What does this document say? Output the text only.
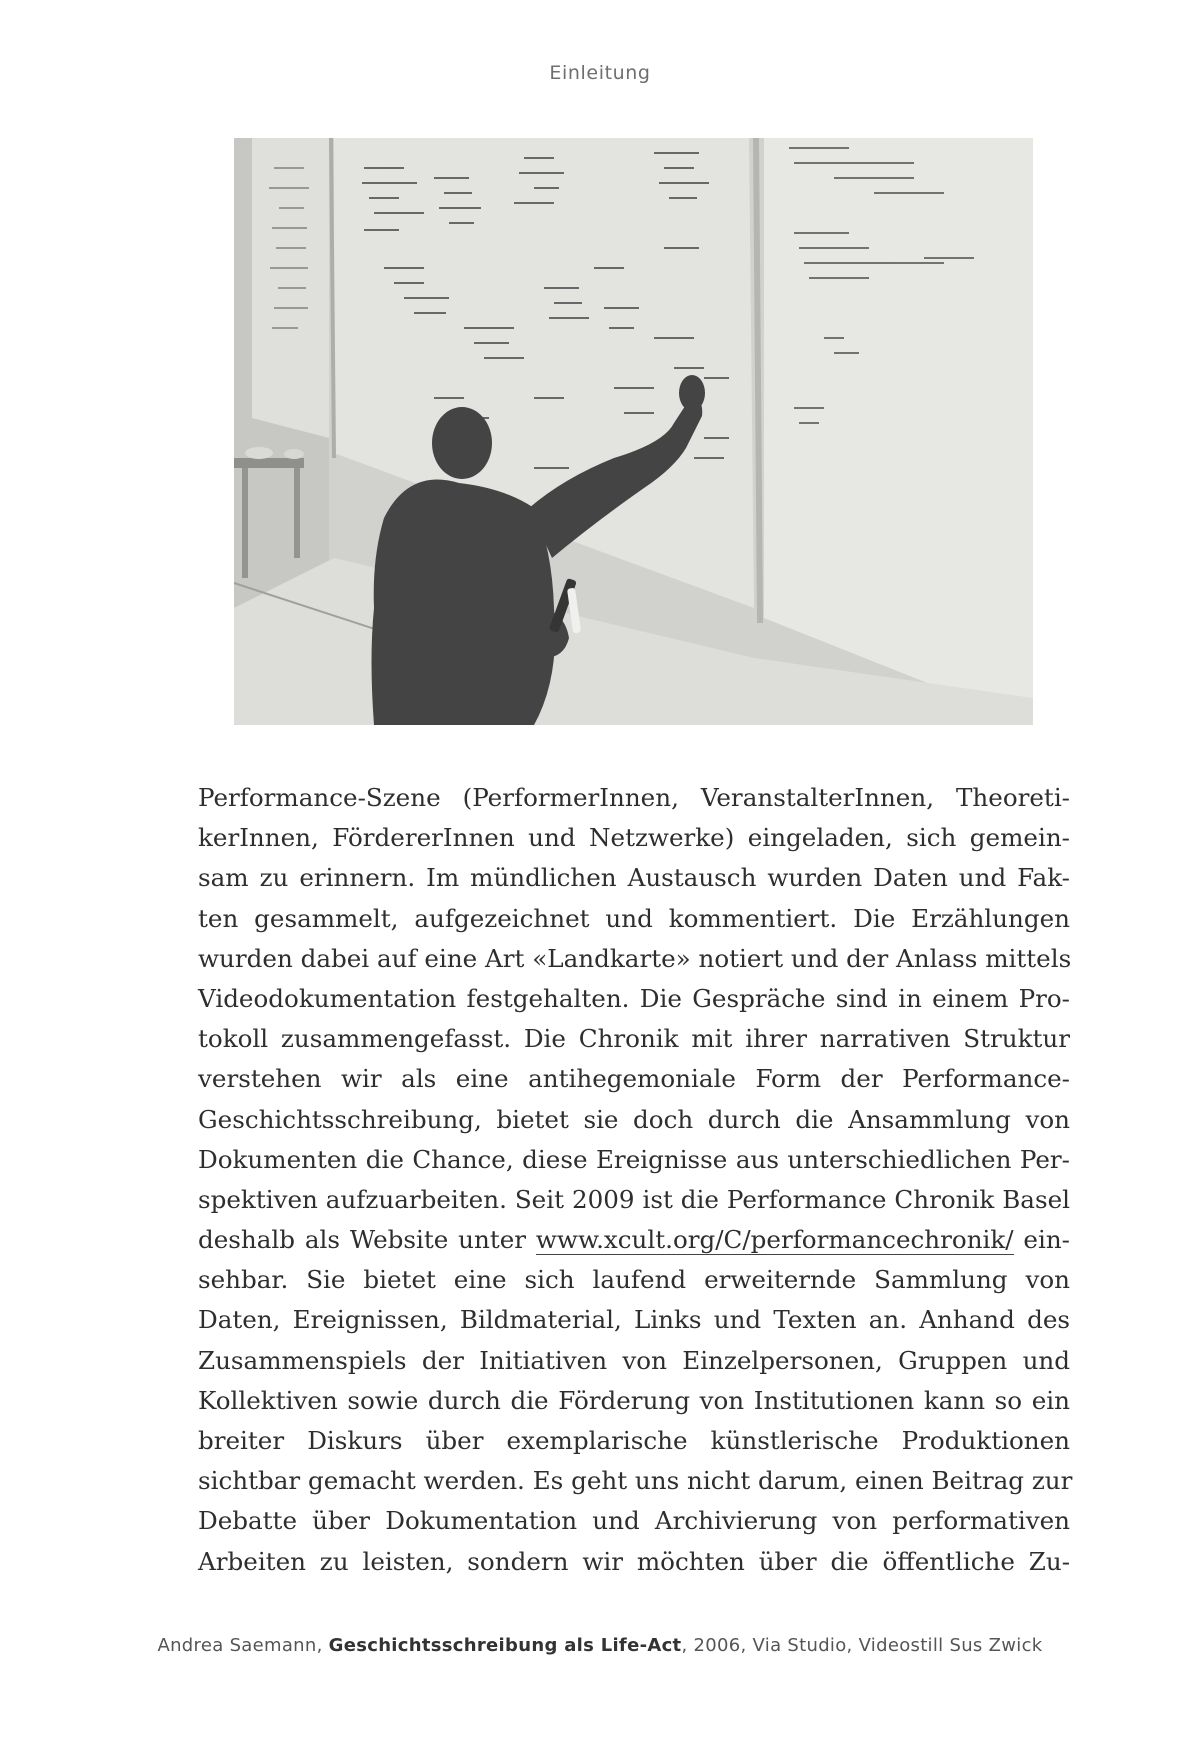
Einleitung
Performance-Szene (PerformerInnen, VeranstalterInnen, Theoreti-
kerInnen, FördererInnen und Netzwerke) eingeladen, sich gemein-
sam zu erinnern. Im mündlichen Austausch wurden Daten und Fak-
ten gesammelt, aufgezeichnet und kommentiert. Die Erzählungen
wurden dabei auf eine Art «Landkarte» notiert und der Anlass mittels
Videodokumentation festgehalten. Die Gespräche sind in einem Pro-
tokoll zusammengefasst. Die Chronik mit ihrer narrativen Struktur
verstehen wir als eine antihegemoniale Form der Performance-
Geschichtsschreibung, bietet sie doch durch die Ansammlung von
Dokumenten die Chance, diese Ereignisse aus unterschiedlichen Per-
spektiven aufzuarbeiten. Seit 2009 ist die Performance Chronik Basel
deshalb als Website unter www.xcult.org/C/performancechronik/ ein-
sehbar. Sie bietet eine sich laufend erweiternde Sammlung von
Daten, Ereignissen, Bildmaterial, Links und Texten an. Anhand des
Zusammenspiels der Initiativen von Einzelpersonen, Gruppen und
Kollektiven sowie durch die Förderung von Institutionen kann so ein
breiter Diskurs über exemplarische künstlerische Produktionen
sichtbar gemacht werden. Es geht uns nicht darum, einen Beitrag zur
Debatte über Dokumentation und Archivierung von performativen
Arbeiten zu leisten, sondern wir möchten über die öffentliche Zu-
Andrea Saemann, Geschichtsschreibung als Life-Act, 2006, Via Studio, Videostill Sus Zwick
